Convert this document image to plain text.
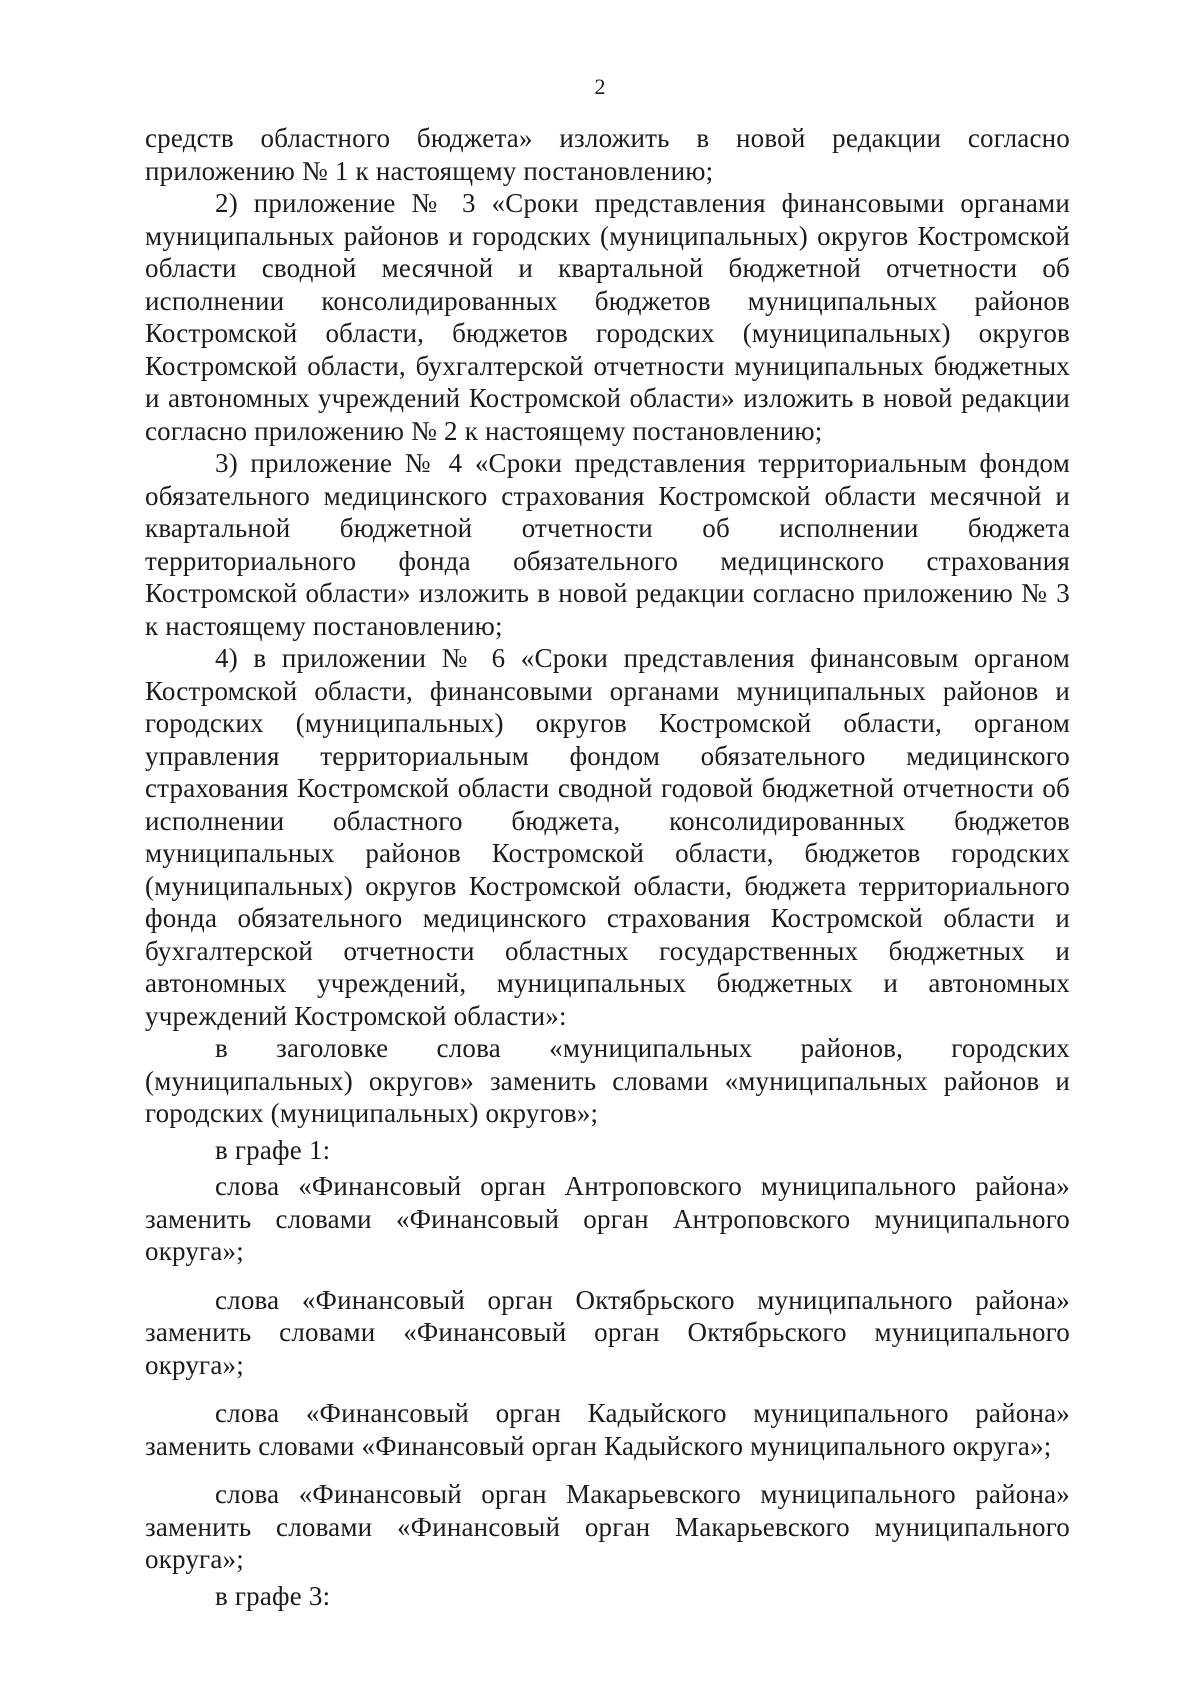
2

средств областного бюджета» изложить в новой редакции согласно приложению № 1 к настоящему постановлению;

2) приложение № 3 «Сроки представления финансовыми органами муниципальных районов и городских (муниципальных) округов Костромской области сводной месячной и квартальной бюджетной отчетности об исполнении консолидированных бюджетов муниципальных районов Костромской области, бюджетов городских (муниципальных) округов Костромской области, бухгалтерской отчетности муниципальных бюджетных и автономных учреждений Костромской области» изложить в новой редакции согласно приложению № 2 к настоящему постановлению;

3) приложение № 4 «Сроки представления территориальным фондом обязательного медицинского страхования Костромской области месячной и квартальной бюджетной отчетности об исполнении бюджета территориального фонда обязательного медицинского страхования Костромской области» изложить в новой редакции согласно приложению № 3 к настоящему постановлению;

4) в приложении № 6 «Сроки представления финансовым органом Костромской области, финансовыми органами муниципальных районов и городских (муниципальных) округов Костромской области, органом управления территориальным фондом обязательного медицинского страхования Костромской области сводной годовой бюджетной отчетности об исполнении областного бюджета, консолидированных бюджетов муниципальных районов Костромской области, бюджетов городских (муниципальных) округов Костромской области, бюджета территориального фонда обязательного медицинского страхования Костромской области и бухгалтерской отчетности областных государственных бюджетных и автономных учреждений, муниципальных бюджетных и автономных учреждений Костромской области»:

в заголовке слова «муниципальных районов, городских (муниципальных) округов» заменить словами «муниципальных районов и городских (муниципальных) округов»;

в графе 1:

слова «Финансовый орган Антроповского муниципального района» заменить словами «Финансовый орган Антроповского муниципального округа»;

слова «Финансовый орган Октябрьского муниципального района» заменить словами «Финансовый орган Октябрьского муниципального округа»;

слова «Финансовый орган Кадыйского муниципального района» заменить словами «Финансовый орган Кадыйского муниципального округа»;

слова «Финансовый орган Макарьевского муниципального района» заменить словами «Финансовый орган Макарьевского муниципального округа»;

в графе 3:
